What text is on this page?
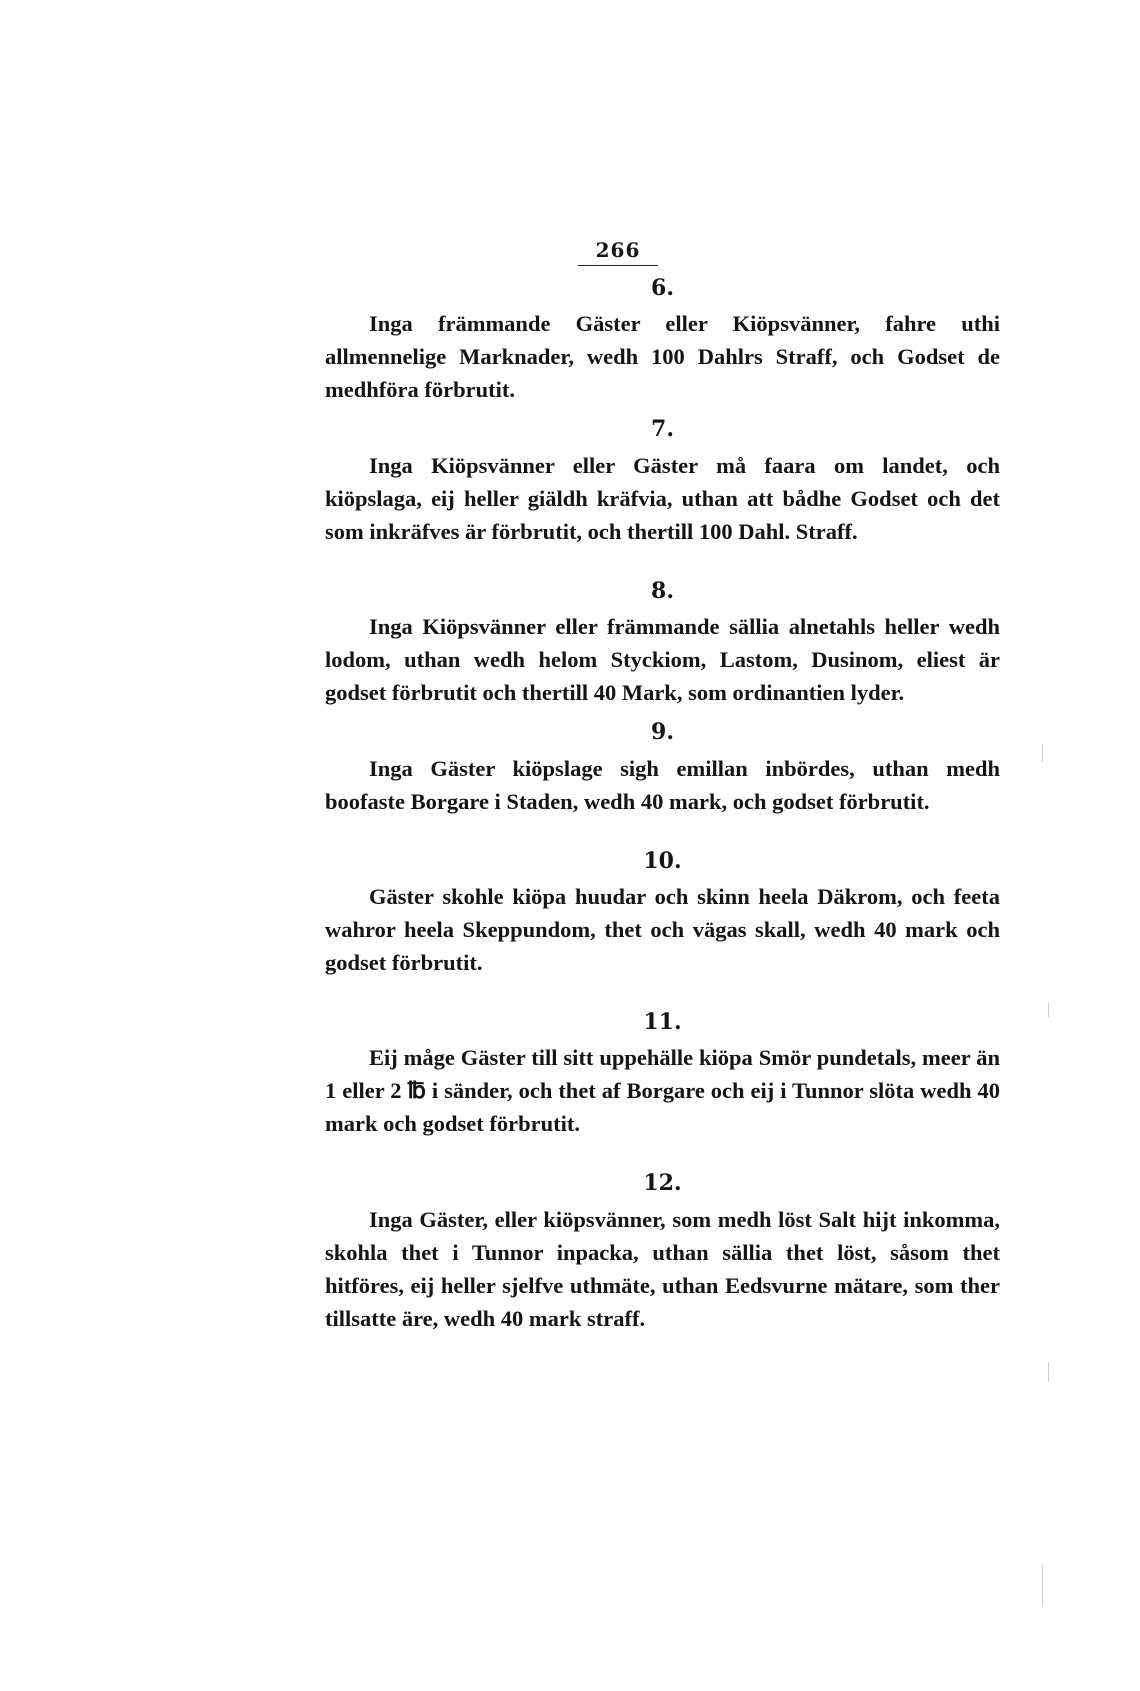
266
6.

Inga främmande Gäster eller Kiöpsvänner, fahre uthi allmennelige Marknader, wedh 100 Dahlrs Straff, och Godset de medhföra förbrutit.

7.

Inga Kiöpsvänner eller Gäster må faara om landet, och kiöpslaga, eij heller giäldh kräfvia, uthan att bådhe Godset och det som inkräfves är förbrutit, och thertill 100 Dahl. Straff.

8.

Inga Kiöpsvänner eller främmande sällia alnetahls heller wedh lodom, uthan wedh helom Styckiom, Lastom, Dusinom, eliest är godset förbrutit och thertill 40 Mark, som ordinantien lyder.

9.

Inga Gäster kiöpslage sigh emillan inbördes, uthan medh boofaste Borgare i Staden, wedh 40 mark, och godset förbrutit.

10.

Gäster skohle kiöpa huudar och skinn heela Däkrom, och feeta wahror heela Skeppundom, thet och vägas skall, wedh 40 mark och godset förbrutit.

11.

Eij måge Gäster till sitt uppehälle kiöpa Smör pundetals, meer än 1 eller 2 ℔ i sänder, och thet af Borgare och eij i Tunnor slöta wedh 40 mark och godset förbrutit.

12.

Inga Gäster, eller kiöpsvänner, som medh löst Salt hijt inkomma, skohla thet i Tunnor inpacka, uthan sällia thet löst, såsom thet hitföres, eij heller sjelfve uthmäte, uthan Eedsvurne mätare, som ther tillsatte äre, wedh 40 mark straff.
